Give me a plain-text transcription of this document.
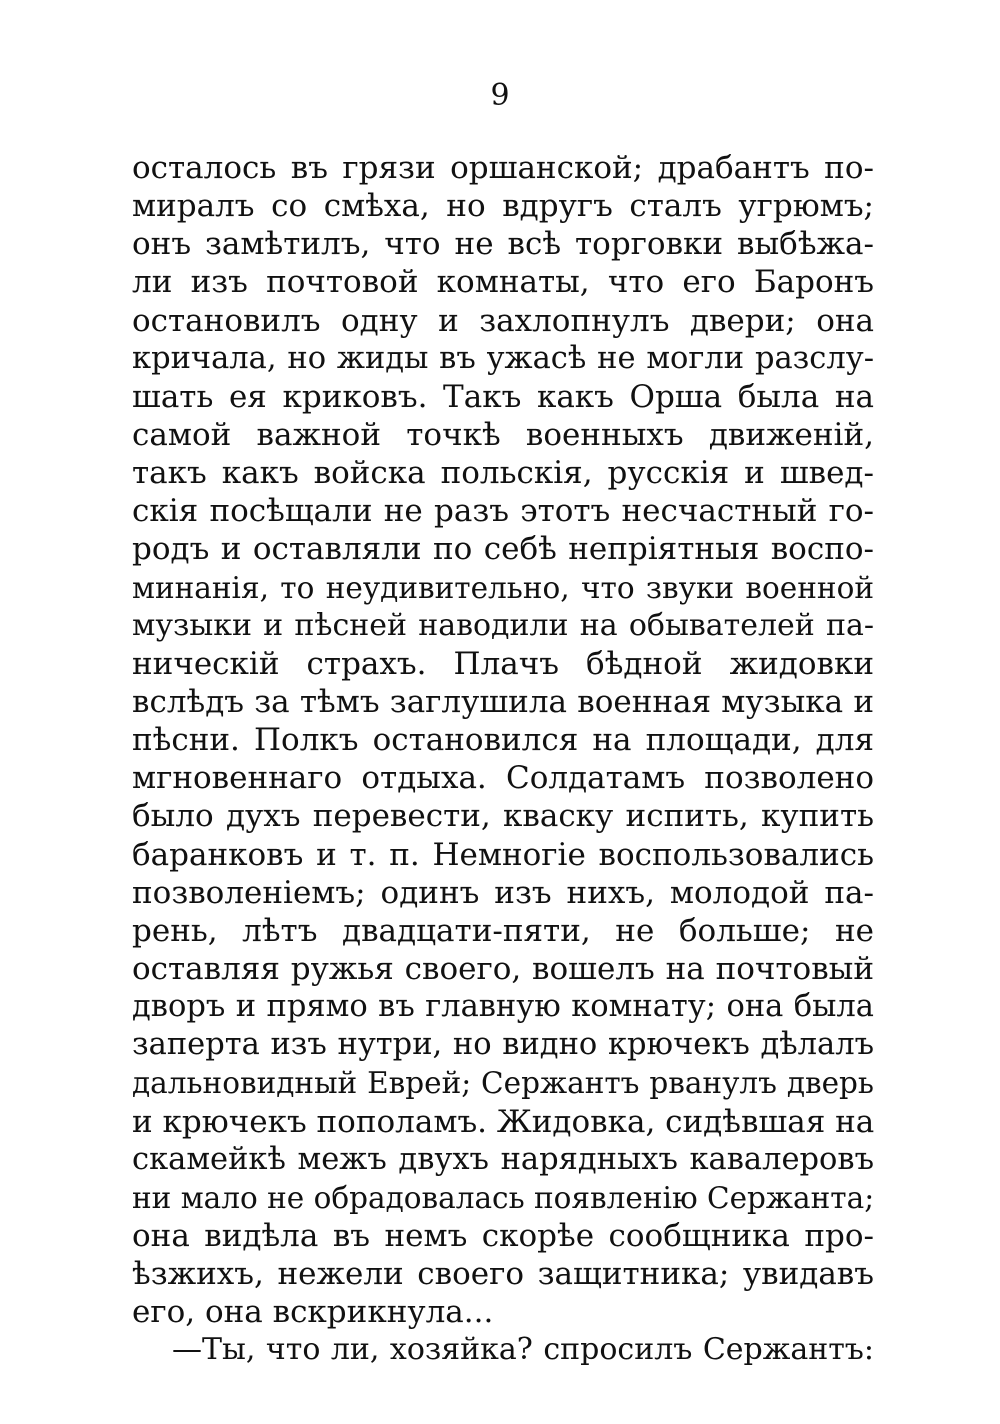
9
осталось въ грязи оршанской; драбантъ по-
миралъ со смѣха, но вдругъ сталъ угрюмъ;
онъ замѣтилъ, что не всѣ торговки выбѣжа-
ли изъ почтовой комнаты, что его Баронъ
остановилъ одну и захлопнулъ двери; она
кричала, но жиды въ ужасѣ не могли разслу-
шать ея криковъ. Такъ какъ Орша была на
самой важной точкѣ военныхъ движеній,
такъ какъ войска польскія, русскія и швед-
скія посѣщали не разъ этотъ несчастный го-
родъ и оставляли по себѣ непріятныя воспо-
минанія, то неудивительно, что звуки военной
музыки и пѣсней наводили на обывателей па-
ническій страхъ. Плачъ бѣдной жидовки
вслѣдъ за тѣмъ заглушила военная музыка и
пѣсни. Полкъ остановился на площади, для
мгновеннаго отдыха. Солдатамъ позволено
было духъ перевести, кваску испить, купить
баранковъ и т. п. Немногіе воспользовались
позволеніемъ; одинъ изъ нихъ, молодой па-
рень, лѣтъ двадцати-пяти, не больше; не
оставляя ружья своего, вошелъ на почтовый
дворъ и прямо въ главную комнату; она была
заперта изъ нутри, но видно крючекъ дѣлалъ
дальновидный Еврей; Сержантъ рванулъ дверь
и крючекъ пополамъ. Жидовка, сидѣвшая на
скамейкѣ межъ двухъ нарядныхъ кавалеровъ
ни мало не обрадовалась появленію Сержанта;
она видѣла въ немъ скорѣе сообщника про-
ѣзжихъ, нежели своего защитника; увидавъ
его, она вскрикнула...
—Ты, что ли, хозяйка? спросилъ Сержантъ:
